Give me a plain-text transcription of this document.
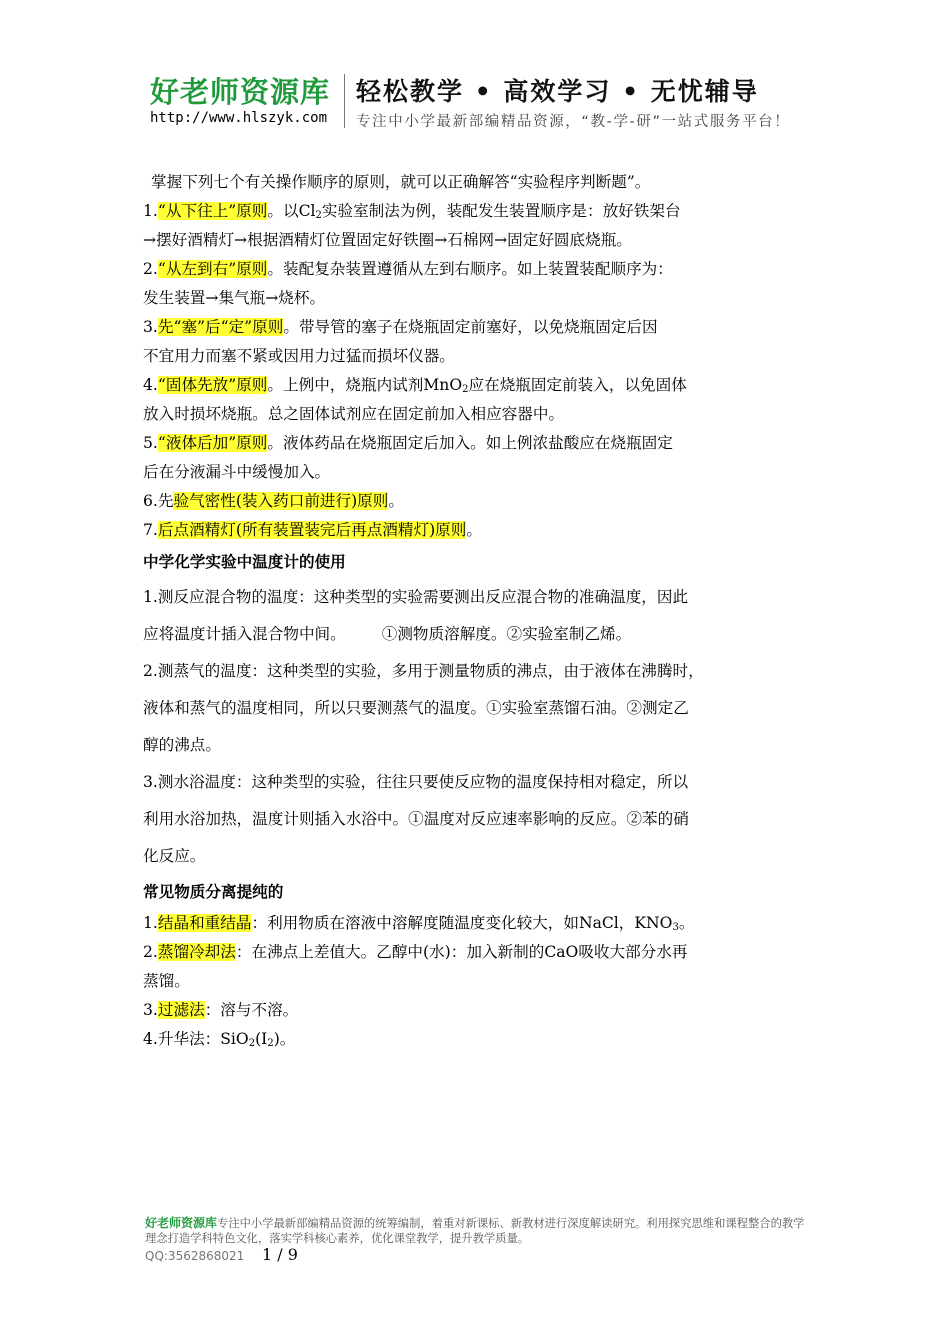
好老师资源库
http://www.hlszyk.com
轻松教学 • 高效学习 • 无忧辅导
专注中小学最新部编精品资源，“教-学-研”一站式服务平台！
掌握下列七个有关操作顺序的原则，就可以正确解答“实验程序判断题”。
1.“从下往上”原则。以$Cl_2$实验室制法为例，装配发生装置顺序是：放好铁架台
→摆好酒精灯→根据酒精灯位置固定好铁圈→石棉网→固定好圆底烧瓶。
2.“从左到右”原则。装配复杂装置遵循从左到右顺序。如上装置装配顺序为：
发生装置→集气瓶→烧杯。
3.先“塞”后“定”原则。带导管的塞子在烧瓶固定前塞好，以免烧瓶固定后因
不宜用力而塞不紧或因用力过猛而损坏仪器。
4.“固体先放”原则。上例中，烧瓶内试剂MnO$_2$应在烧瓶固定前装入，以免固体
放入时损坏烧瓶。总之固体试剂应在固定前加入相应容器中。
5.“液体后加”原则。液体药品在烧瓶固定后加入。如上例浓盐酸应在烧瓶固定
后在分液漏斗中缓慢加入。
6.先验气密性(装入药口前进行)原则。
7.后点酒精灯(所有装置装完后再点酒精灯)原则。
中学化学实验中温度计的使用
1.测反应混合物的温度：这种类型的实验需要测出反应混合物的准确温度，因此
应将温度计插入混合物中间。 ①测物质溶解度。②实验室制乙烯。
2.测蒸气的温度：这种类型的实验，多用于测量物质的沸点，由于液体在沸腾时，
液体和蒸气的温度相同，所以只要测蒸气的温度。①实验室蒸馏石油。②测定乙
醇的沸点。
3.测水浴温度：这种类型的实验，往往只要使反应物的温度保持相对稳定，所以
利用水浴加热，温度计则插入水浴中。①温度对反应速率影响的反应。②苯的硝
化反应。
常见物质分离提纯的
1.结晶和重结晶：利用物质在溶液中溶解度随温度变化较大，如NaCl，$KNO_3$。
2.蒸馏冷却法：在沸点上差值大。乙醇中(水)：加入新制的CaO吸收大部分水再
蒸馏。
3.过滤法：溶与不溶。
4.升华法：$SiO_2(I_2)$。
好老师资源库专注中小学最新部编精品资源的统筹编制，着重对新课标、新教材进行深度解读研究。利用探究思维和课程整合的教学理念打造学科特色文化，落实学科核心素养，优化课堂教学，提升教学质量。
QQ:3562868021 1 / 9
